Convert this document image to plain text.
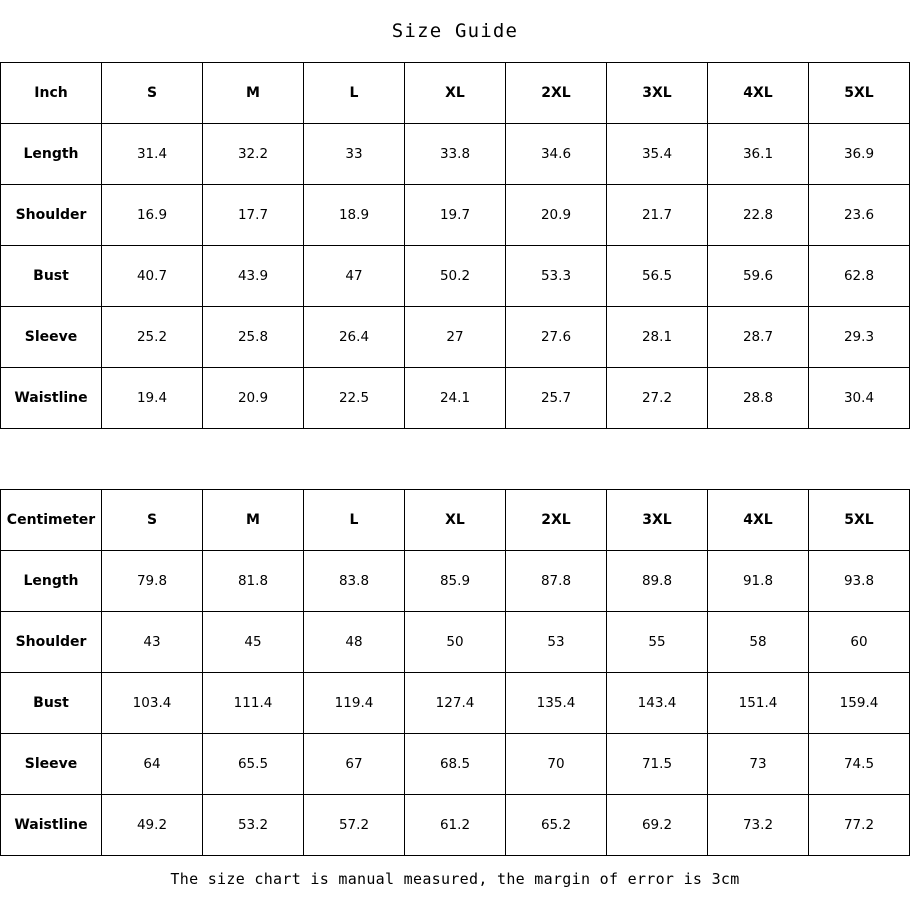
Size Guide
Inch	S	M	L	XL	2XL	3XL	4XL	5XL
Length	31.4	32.2	33	33.8	34.6	35.4	36.1	36.9
Shoulder	16.9	17.7	18.9	19.7	20.9	21.7	22.8	23.6
Bust	40.7	43.9	47	50.2	53.3	56.5	59.6	62.8
Sleeve	25.2	25.8	26.4	27	27.6	28.1	28.7	29.3
Waistline	19.4	20.9	22.5	24.1	25.7	27.2	28.8	30.4
Centimeter	S	M	L	XL	2XL	3XL	4XL	5XL
Length	79.8	81.8	83.8	85.9	87.8	89.8	91.8	93.8
Shoulder	43	45	48	50	53	55	58	60
Bust	103.4	111.4	119.4	127.4	135.4	143.4	151.4	159.4
Sleeve	64	65.5	67	68.5	70	71.5	73	74.5
Waistline	49.2	53.2	57.2	61.2	65.2	69.2	73.2	77.2
The size chart is manual measured, the margin of error is 3cm
